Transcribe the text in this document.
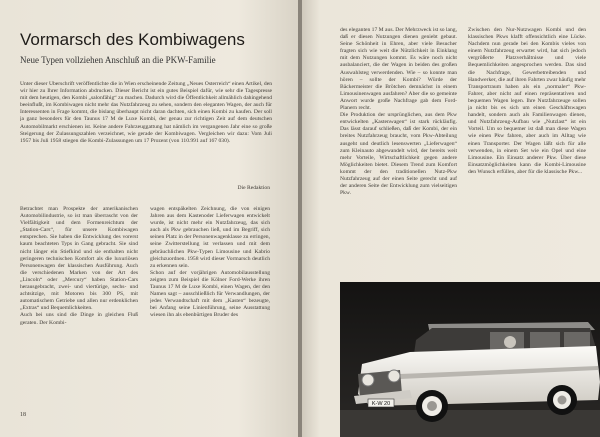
Vormarsch des Kombiwagens
Neue Typen vollziehen Anschluß an die PKW-Familie

Unter dieser Überschrift veröffentlichte die in Wien erscheinende Zeitung „Neues Österreich“ einen Artikel, den wir hier zu Ihrer Information abdrucken. Dieser Bericht ist ein gutes Beispiel dafür, wie sehr die Tagespresse mit dem heutigen, den Kombi „salonfähig“ zu machen. Dadurch wird die Öffentlichkeit allmählich dahingehend beeinflußt, im Kombiwagen nicht mehr das Nutzfahrzeug zu sehen, sondern den eleganten Wagen, der auch für Interessenten in Frage kommt, die bislang überhaupt nicht daran dachten, sich einen Kombi zu kaufen. Der soll ja ganz besonders für den Taunus 17 M de Luxe Kombi, der genau zur richtigen Zeit auf dem deutschen Automobilmarkt erschienen ist. Keine andere Fahrzeuggattung hat nämlich im vergangenen Jahr eine so große Steigerung der Zulassungszahlen verzeichnet, wie gerade der Kombiwagen. Vergleichen wir dazu: Vom Juli 1957 bis Juli 1958 stiegen die Kombi-Zulassungen um 17 Prozent (von 110.991 auf 167 030).

Die Redaktion

Betrachtet man Prospekte der amerikanischen Automobilindustrie, so ist man überrascht von der Vielfältigkeit und dem Formenreichtum der „Station-Cars“, für unsere Kombiwagen entsprechen. Sie haben die Entwicklung des vorerst kaum beachteten Typs in Gang gebracht. Sie sind nicht länger ein Stiefkind und sie enthalten nicht geringeren technischen Komfort als die luxuriösen Personenwagen der klassischen Ausführung. Auch die verschiedenen Marken von der Art des „Lincoln“ oder „Mercury“ haben Station-Cars herausgebracht, zwei- und viertürige, sechs- und achtsitzige, mit Motoren bis 300 PS, mit automatischem Getriebe und allen nur erdenklichen „Extras“ und Bequemlichkeiten.
Auch bei uns sind die Dinge in gleichen Fluß geraten. Der Kombi-

wagen entspäkelten Zeichnung, die von einigen Jahren aus dem Kastenoder Lieferwagen entwickelt wurde, ist nicht mehr ein Nutzfahrzeug, das sich auch als Pkw gebrauchen ließ, und im Begriff, sich seinen Platz in der Personenwagenklasse zu erringen, seine Zwitterstellung ist verlassen und mit dem gebräuchlichen Pkw-Typen Limousine und Kabrio gleichzuordnen. 1958 wird dieser Vormarsch deutlich zu erkennen sein.
Schon auf der vorjährigen Automobilausstellung zeigten zum Beispiel die Kölner Ford-Werke ihren Taunus 17 M de Luxe Kombi, einen Wagen, der den Namen sagt – ausschließlich für Verwandlungen, der jedes Verwandtschaft mit dem „Kasten“ bezeugte, bei Anfang seine Linienführung, seine Ausstattung wiesen ihn als ebenbürtigen Bruder des

18

des eleganten 17 M aus. Der Mehrzweck ist so lang, daß er diesen Nutzungen dienen geniebt gebaut. Seine Schönheit in Ehren, aber viele Besucher fragten sich wie weit die Nützlichkeit in Einklang mit dem Nutzungen kommt. Es wäre noch nicht ausbalanciert, die der Wagen in beiden des großen Auswahlsteg verwerdenden. Wie – so konnte man hören – sollte der Kombi? Würde der Bäckermeister die Brötchen demnächst in einem Limousinenwagen ausfahren? Aber die so gemeinte Anwort wurde große Nachfrage gab dem Ford-Planern recht.
Die Produktion der ursprünglichen, aus dem Pkw entwickelten „Kastenwagen“ ist stark rückläufig. Das lässt darauf schließen, daß der Kombi, der ein breites Nutzfahrzeug braucht, vom Pkw-Abteilung ausgeht und deutlich lesenswerten „Lieferwagen“ zum Kleinauto abgewandelt wird, der bereits weit mehr Vorteile, Wirtschaftlichkeit gegen andere Möglichkeiten bietet. Diesem Trend zum Komfort kommt der den traditionellen Nutz-Pkw Nutzfahrzeug auf der einen Seite gerecht und auf der anderen Seite der Entwicklung zum vielseitigen Pkw.

Zwischen den Nur-Nutzwagen Kombi und den klassischen Pkws klafft offensichtlich eine Lücke. Nachdem nun gerade bei den Kombis vieles von einem Nutzfahrzeug erwartet wird, hat sich jedoch vergrößerte Platzverhältnisse und viele Bequemlichkeiten angesprochen werden. Das sind die Nachfrage, Gewerbetreibenden und Handwerker, die auf ihren Fahrten zwar häufig mehr Transportraum haben als ein „normaler“ Pkw-Fahrer, aber nicht auf einen repräsentativen und bequemen Wagen legen. Ihre Nutzfahrzeuge sollen ja nicht bis es sich um einen Geschäftswagen handelt, sondern auch als Familienwagen dienen, und Nutzfahrzeug-Aufbau wie „Nutzlast“ ist ein Vorteil. Um so bequemer ist daß man diese Wagen wie einen Pkw fahren, aber auch im Alltag wie einen Transporter. Der Wagen läßt sich für alle verwenden, in einem Set wie ein Opel und eine Limousine. Ein Einsatz anderer Pkw. Über diese Einsatzmöglichkeiten kann die Kombi-Limousine den Wunsch erfüllen, aber für die klassische Pkw...

K-W 20
